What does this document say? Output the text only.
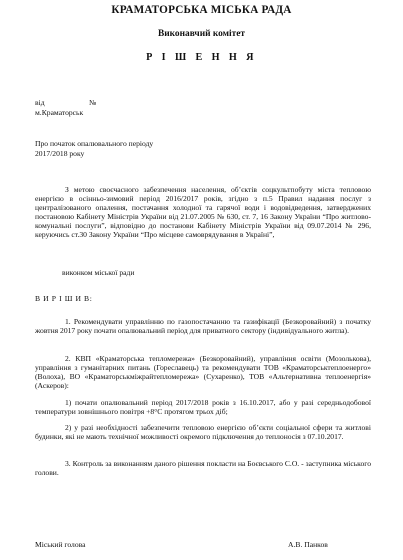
КРАМАТОРСЬКА МІСЬКА РАДА
Виконавчий комітет
Р І Ш Е Н Н Я
від	№
м.Краматорськ
Про початок опалювального періоду
2017/2018 року
З метою своєчасного забезпечення населення, об’єктів соцкультпобуту міста тепловою енергією в осінньо-зимовий період 2016/2017 років, згідно з п.5 Правил надання послуг з централізованого опалення, постачання холодної та гарячої води і водовідведення, затверджених постановою Кабінету Міністрів України від 21.07.2005 № 630, ст. 7, 16 Закону України “Про житлово-комунальні послуги”, відповідно до постанови Кабінету Міністрів України від 09.07.2014 № 296, керуючись ст.30 Закону України “Про місцеве самоврядування в Україні”,
виконком міської ради
В И Р І Ш И В:
1. Рекомендувати управлінню по газопостачанню та газифікації (Безкоровайний) з початку жовтня 2017 року почати опалювальний період для приватного сектору (індивідуального житла).
2. КВП «Краматорська тепломережа» (Безкоровайний), управління освіти (Мозолькова), управління з гуманітарних питань (Гореславець) та рекомендувати ТОВ «Краматорськтеплоенерго» (Волоха), ВО «Краматорськміжрайтепломережа» (Сухаренко), ТОВ «Альтернативна теплоенергія» (Аскеров):
1) почати опалювальний період 2017/2018 років з 16.10.2017, або у разі середньодобової температури зовнішнього повітря +8°С протягом трьох діб;
2) у разі необхідності забезпечити тепловою енергією об’єкти соціальної сфери та житлові будинки, які не мають технічної можливості окремого підключення до теплоносія з 07.10.2017.
3. Контроль за виконанням даного рішення покласти на Боєвського С.О. - заступника міського голови.
Міський голова	А.В. Панков
